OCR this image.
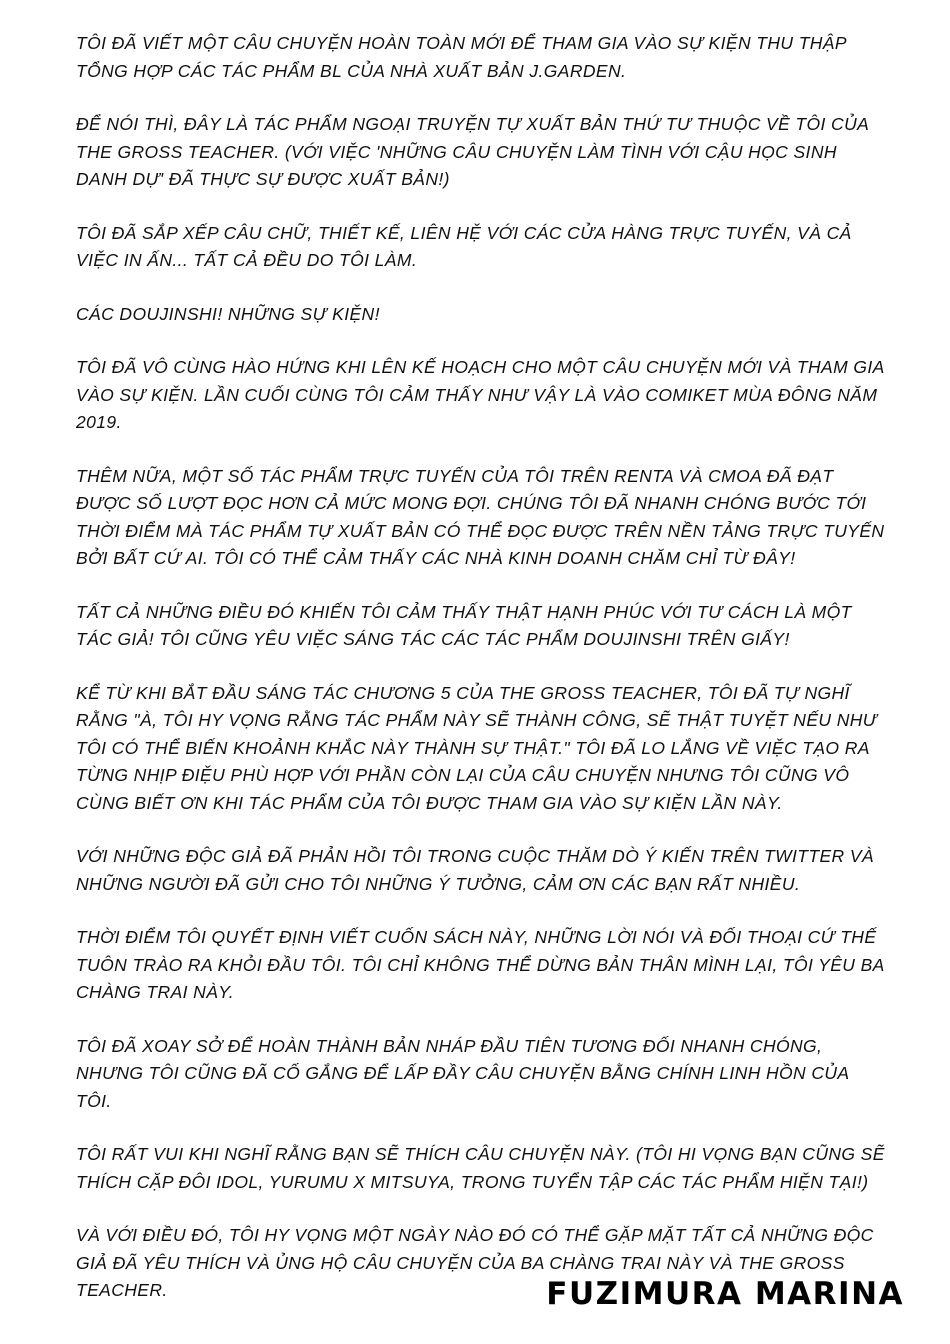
TÔI ĐÃ VIẾT MỘT CÂU CHUYỆN HOÀN TOÀN MỚI ĐỂ THAM GIA VÀO SỰ KIỆN THU THẬP TỔNG HỢP CÁC TÁC PHẨM BL CỦA NHÀ XUẤT BẢN J.GARDEN.

ĐỂ NÓI THÌ, ĐÂY LÀ TÁC PHẨM NGOẠI TRUYỆN TỰ XUẤT BẢN THỨ TƯ THUỘC VỀ TÔI CỦA THE GROSS TEACHER. (VỚI VIỆC 'NHỮNG CÂU CHUYỆN LÀM TÌNH VỚI CẬU HỌC SINH DANH DỰ' ĐÃ THỰC SỰ ĐƯỢC XUẤT BẢN!)

TÔI ĐÃ SẮP XẾP CÂU CHỮ, THIẾT KẾ, LIÊN HỆ VỚI CÁC CỬA HÀNG TRỰC TUYẾN, VÀ CẢ VIỆC IN ẤN... TẤT CẢ ĐỀU DO TÔI LÀM.

CÁC DOUJINSHI! NHỮNG SỰ KIỆN!

TÔI ĐÃ VÔ CÙNG HÀO HỨNG KHI LÊN KẾ HOẠCH CHO MỘT CÂU CHUYỆN MỚI VÀ THAM GIA VÀO SỰ KIỆN. LẦN CUỐI CÙNG TÔI CẢM THẤY NHƯ VẬY LÀ VÀO COMIKET MÙA ĐÔNG NĂM 2019.

THÊM NỮA, MỘT SỐ TÁC PHẨM TRỰC TUYẾN CỦA TÔI TRÊN RENTA VÀ CMOA ĐÃ ĐẠT ĐƯỢC SỐ LƯỢT ĐỌC HƠN CẢ MỨC MONG ĐỢI. CHÚNG TÔI ĐÃ NHANH CHÓNG BƯỚC TỚI THỜI ĐIỂM MÀ TÁC PHẨM TỰ XUẤT BẢN CÓ THỂ ĐỌC ĐƯỢC TRÊN NỀN TẢNG TRỰC TUYẾN BỞI BẤT CỨ AI. TÔI CÓ THỂ CẢM THẤY CÁC NHÀ KINH DOANH CHĂM CHỈ TỪ ĐÂY!

TẤT CẢ NHỮNG ĐIỀU ĐÓ KHIẾN TÔI CẢM THẤY THẬT HẠNH PHÚC VỚI TƯ CÁCH LÀ MỘT TÁC GIẢ! TÔI CŨNG YÊU VIỆC SÁNG TÁC CÁC TÁC PHẨM DOUJINSHI TRÊN GIẤY!

KỂ TỪ KHI BẮT ĐẦU SÁNG TÁC CHƯƠNG 5 CỦA THE GROSS TEACHER, TÔI ĐÃ TỰ NGHĨ RẰNG "À, TÔI HY VỌNG RẰNG TÁC PHẨM NÀY SẼ THÀNH CÔNG, SẼ THẬT TUYỆT NẾU NHƯ TÔI CÓ THỂ BIẾN KHOẢNH KHẮC NÀY THÀNH SỰ THẬT." TÔI ĐÃ LO LẮNG VỀ VIỆC TẠO RA TỪNG NHỊP ĐIỆU PHÙ HỢP VỚI PHẦN CÒN LẠI CỦA CÂU CHUYỆN NHƯNG TÔI CŨNG VÔ CÙNG BIẾT ƠN KHI TÁC PHẨM CỦA TÔI ĐƯỢC THAM GIA VÀO SỰ KIỆN LẦN NÀY.

VỚI NHỮNG ĐỘC GIẢ ĐÃ PHẢN HỒI TÔI TRONG CUỘC THĂM DÒ Ý KIẾN TRÊN TWITTER VÀ NHỮNG NGƯỜI ĐÃ GỬI CHO TÔI NHỮNG Ý TƯỞNG, CẢM ƠN CÁC BẠN RẤT NHIỀU.

THỜI ĐIỂM TÔI QUYẾT ĐỊNH VIẾT CUỐN SÁCH NÀY, NHỮNG LỜI NÓI VÀ ĐỐI THOẠI CỨ THẾ TUÔN TRÀO RA KHỎI ĐẦU TÔI. TÔI CHỈ KHÔNG THỂ DỪNG BẢN THÂN MÌNH LẠI, TÔI YÊU BA CHÀNG TRAI NÀY.

TÔI ĐÃ XOAY SỞ ĐỂ HOÀN THÀNH BẢN NHÁP ĐẦU TIÊN TƯƠNG ĐỐI NHANH CHÓNG, NHƯNG TÔI CŨNG ĐÃ CỐ GẮNG ĐỂ LẤP ĐẦY CÂU CHUYỆN BẰNG CHÍNH LINH HỒN CỦA TÔI.

TÔI RẤT VUI KHI NGHĨ RẰNG BẠN SẼ THÍCH CÂU CHUYỆN NÀY. (TÔI HI VỌNG BẠN CŨNG SẼ THÍCH CẶP ĐÔI IDOL, YURUMU X MITSUYA, TRONG TUYỂN TẬP CÁC TÁC PHẨM HIỆN TẠI!)

VÀ VỚI ĐIỀU ĐÓ, TÔI HY VỌNG MỘT NGÀY NÀO ĐÓ CÓ THỂ GẶP MẶT TẤT CẢ NHỮNG ĐỘC GIẢ ĐÃ YÊU THÍCH VÀ ỦNG HỘ CÂU CHUYỆN CỦA BA CHÀNG TRAI NÀY VÀ THE GROSS TEACHER.	FUZIMURA MARINA
